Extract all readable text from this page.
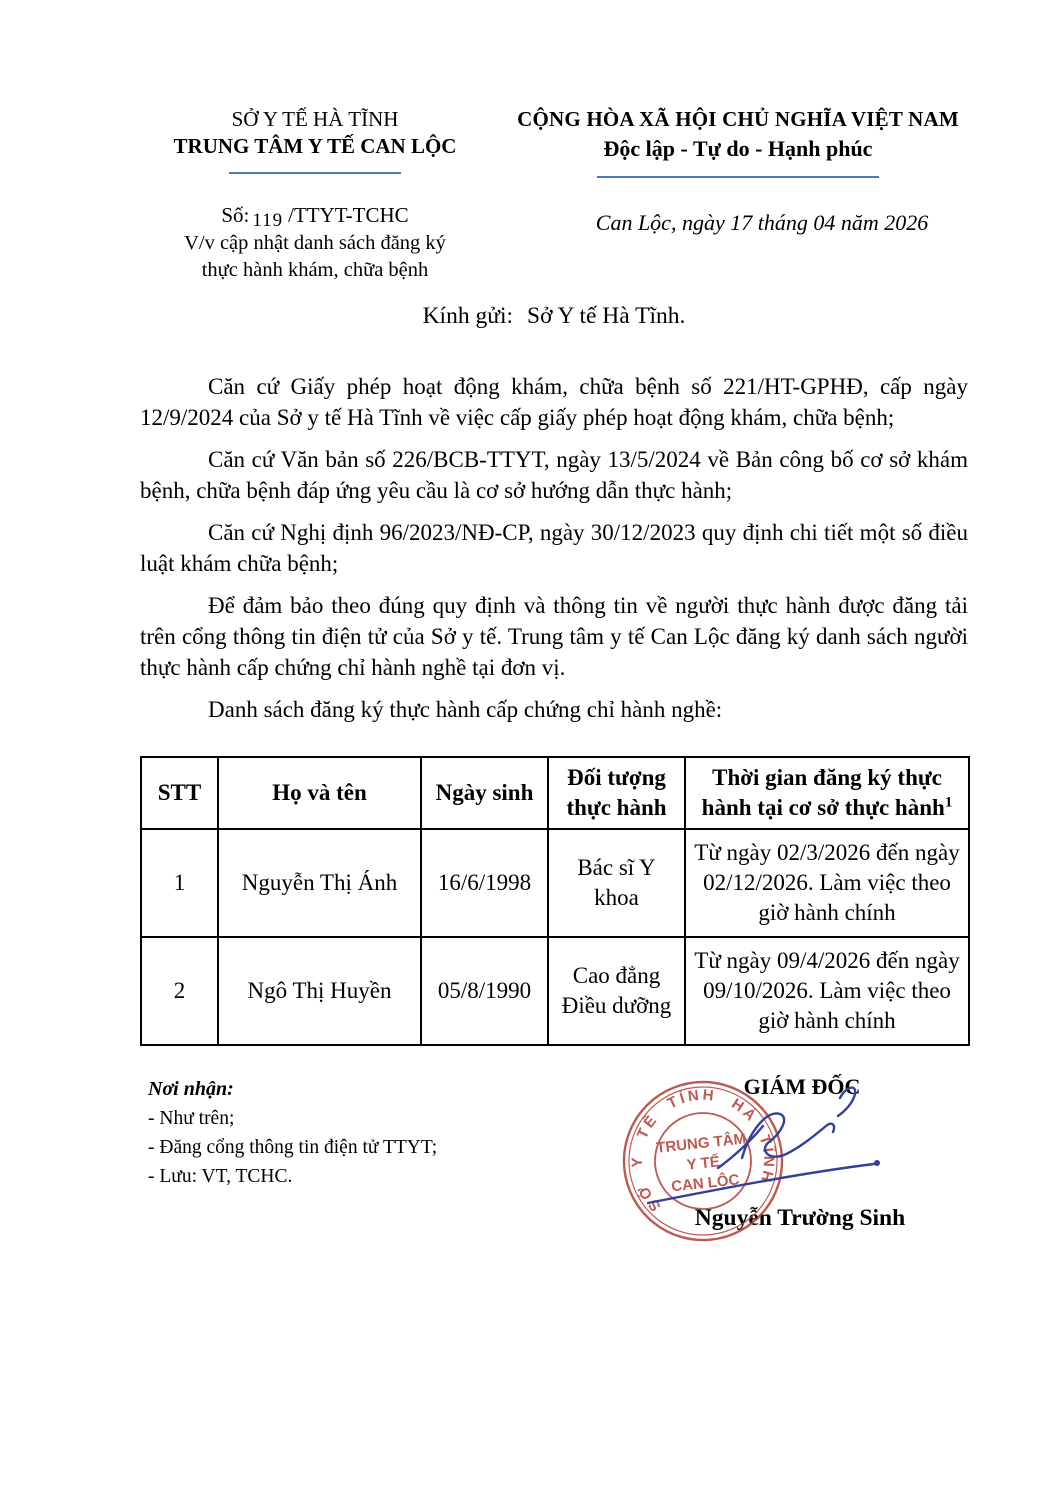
SỞ Y TẾ HÀ TĨNH
TRUNG TÂM Y TẾ CAN LỘC
Số: 119 /TTYT-TCHC
V/v cập nhật danh sách đăng ký
thực hành khám, chữa bệnh
CỘNG HÒA XÃ HỘI CHỦ NGHĨA VIỆT NAM
Độc lập - Tự do - Hạnh phúc
Can Lộc, ngày 17 tháng 04 năm 2026
Kính gửi: Sở Y tế Hà Tĩnh.

Căn cứ Giấy phép hoạt động khám, chữa bệnh số 221/HT-GPHĐ, cấp ngày 12/9/2024 của Sở y tế Hà Tĩnh về việc cấp giấy phép hoạt động khám, chữa bệnh;

Căn cứ Văn bản số 226/BCB-TTYT, ngày 13/5/2024 về Bản công bố cơ sở khám bệnh, chữa bệnh đáp ứng yêu cầu là cơ sở hướng dẫn thực hành;

Căn cứ Nghị định 96/2023/NĐ-CP, ngày 30/12/2023 quy định chi tiết một số điều luật khám chữa bệnh;

Để đảm bảo theo đúng quy định và thông tin về người thực hành được đăng tải trên cổng thông tin điện tử của Sở y tế. Trung tâm y tế Can Lộc đăng ký danh sách người thực hành cấp chứng chỉ hành nghề tại đơn vị.

Danh sách đăng ký thực hành cấp chứng chỉ hành nghề:

STT	Họ và tên	Ngày sinh	Đối tượng thực hành	Thời gian đăng ký thực hành tại cơ sở thực hành$^1$
1	Nguyễn Thị Ánh	16/6/1998	Bác sĩ Y khoa	Từ ngày 02/3/2026 đến ngày 02/12/2026. Làm việc theo giờ hành chính
2	Ngô Thị Huyền	05/8/1990	Cao đẳng Điều dưỡng	Từ ngày 09/4/2026 đến ngày 09/10/2026. Làm việc theo giờ hành chính
Nơi nhận:
- Như trên;
- Đăng cổng thông tin điện tử TTYT;
- Lưu: VT, TCHC.
GIÁM ĐỐC
Nguyễn Trường Sinh
SỞ Y TẾ TỈNH HÀ TĨNH
TRUNG TÂM
Y TẾ
CAN LỘC
